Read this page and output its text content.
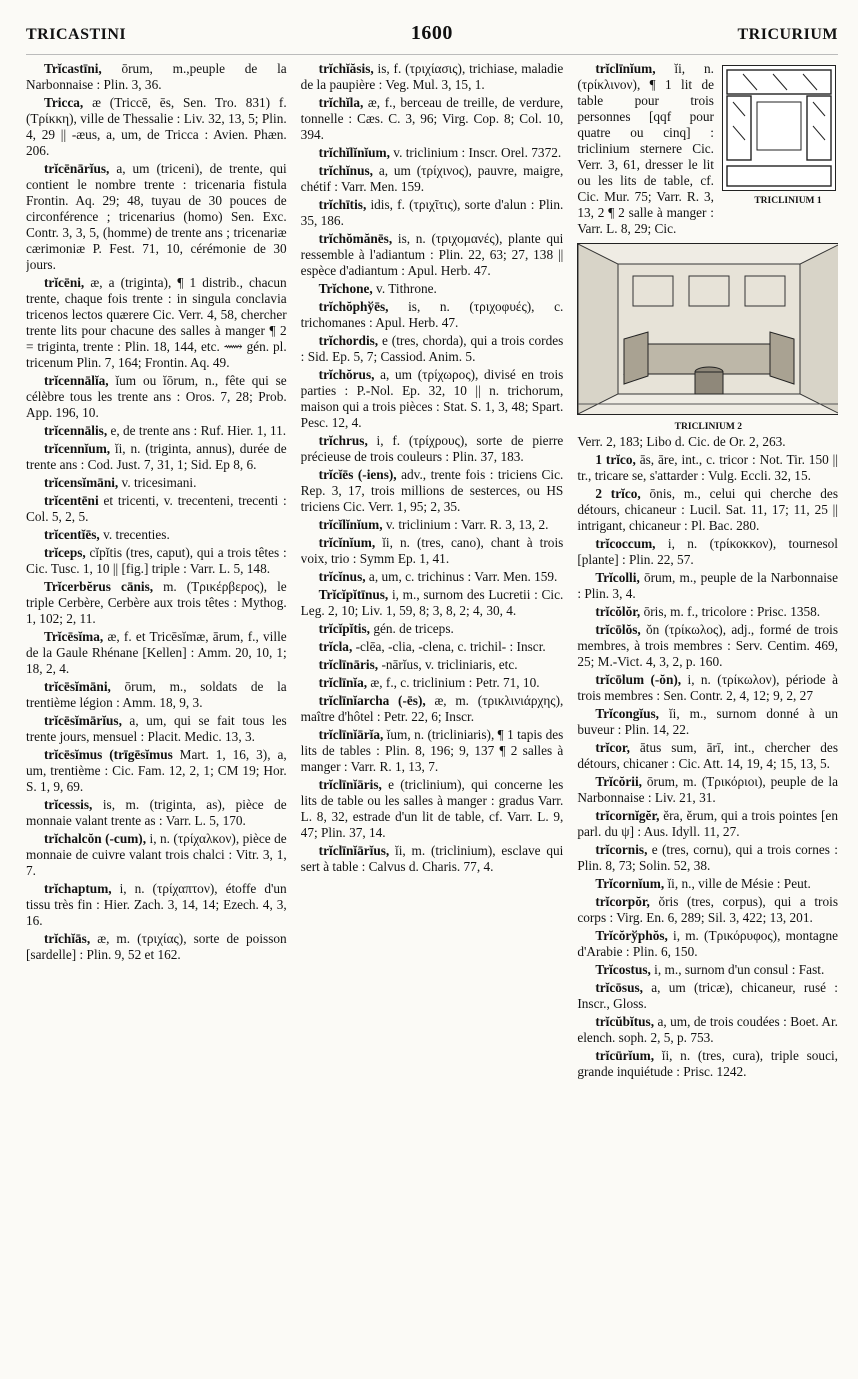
TRICASTINI	1600	TRICURIUM

Trĭcastīni, ōrum, m.,peuple de la Narbonnaise : Plin. 3, 36.

Tricca, æ (Triccē, ēs, Sen. Tro. 831) f. (Τρίκκη), ville de Thessalie : Liv. 32, 13, 5; Plin. 4, 29 || -æus, a, um, de Tricca : Avien. Phæn. 206.

trĭcēnārĭus, a, um (triceni), de trente, qui contient le nombre trente : tricenaria fistula Frontin. Aq. 29; 48, tuyau de 30 pouces de circonférence ; tricenarius (homo) Sen. Exc. Contr. 3, 3, 5, (homme) de trente ans ; tricenariæ cærimoniæ P. Fest. 71, 10, cérémonie de 30 jours.

trĭcēni, æ, a (triginta), ¶ 1 distrib., chacun trente, chaque fois trente : in singula conclavia tricenos lectos quærere Cic. Verr. 4, 58, chercher trente lits pour chacune des salles à manger ¶ 2 = triginta, trente : Plin. 18, 144, etc. ⟿ gén. pl. tricenum Plin. 7, 164; Frontin. Aq. 49.

trĭcennālĭa, ĭum ou ĭōrum, n., fête qui se célèbre tous les trente ans : Oros. 7, 28; Prob. App. 196, 10.

trĭcennālis, e, de trente ans : Ruf. Hier. 1, 11.

trĭcennĭum, ĭi, n. (triginta, annus), durée de trente ans : Cod. Just. 7, 31, 1; Sid. Ep 8, 6.

trĭcensĭmāni, v. tricesimani.

trĭcentēni et tricenti, v. trecenteni, trecenti : Col. 5, 2, 5.

trĭcentĭēs, v. trecenties.

trĭceps, cĭpĭtis (tres, caput), qui a trois têtes : Cic. Tusc. 1, 10 || [fig.] triple : Varr. L. 5, 148.

Trĭcerbĕrus cānis, m. (Τρικέρβερος), le triple Cerbère, Cerbère aux trois têtes : Mythog. 1, 102; 2, 11.

Trĭcēsĭma, æ, f. et Tricēsĭmæ, ārum, f., ville de la Gaule Rhénane [Kellen] : Amm. 20, 10, 1; 18, 2, 4.

trĭcēsĭmāni, ōrum, m., soldats de la trentième légion : Amm. 18, 9, 3.

trĭcēsĭmārĭus, a, um, qui se fait tous les trente jours, mensuel : Placit. Medic. 13, 3.

trĭcēsĭmus (trīgēsĭmus Mart. 1, 16, 3), a, um, trentième : Cic. Fam. 12, 2, 1; CM 19; Hor. S. 1, 9, 69.

trĭcessis, is, m. (triginta, as), pièce de monnaie valant trente as : Varr. L. 5, 170.

trĭchalcŏn (-cum), i, n. (τρίχαλκον), pièce de monnaie de cuivre valant trois chalci : Vitr. 3, 1, 7.

trĭchaptum, i, n. (τρίχαπτον), étoffe d'un tissu très fin : Hier. Zach. 3, 14, 14; Ezech. 4, 3, 16.

trĭchĭās, æ, m. (τριχίας), sorte de poisson [sardelle] : Plin. 9, 52 et 162.

trĭchĭăsis, is, f. (τριχίασις), trichiase, maladie de la paupière : Veg. Mul. 3, 15, 1.

trĭchĭla, æ, f., berceau de treille, de verdure, tonnelle : Cæs. C. 3, 96; Virg. Cop. 8; Col. 10, 394.

trĭchĭlĭnĭum, v. triclinium : Inscr. Orel. 7372.

trĭchĭnus, a, um (τρίχινος), pauvre, maigre, chétif : Varr. Men. 159.

trĭchītis, idis, f. (τριχῖτις), sorte d'alun : Plin. 35, 186.

trĭchŏmănēs, is, n. (τριχομανές), plante qui ressemble à l'adiantum : Plin. 22, 63; 27, 138 || espèce d'adiantum : Apul. Herb. 47.

Trĭchone, v. Tithrone.

trĭchŏphўēs, is, n. (τριχοφυές), c. trichomanes : Apul. Herb. 47.

trĭchordis, e (tres, chorda), qui a trois cordes : Sid. Ep. 5, 7; Cassiod. Anim. 5.

trĭchŏrus, a, um (τρίχωρος), divisé en trois parties : P.-Nol. Ep. 32, 10 || n. trichorum, maison qui a trois pièces : Stat. S. 1, 3, 48; Spart. Pesc. 12, 4.

trĭchrus, i, f. (τρίχρους), sorte de pierre précieuse de trois couleurs : Plin. 37, 183.

trĭcĭēs (-iens), adv., trente fois : triciens Cic. Rep. 3, 17, trois millions de sesterces, ou HS triciens Cic. Verr. 1, 95; 2, 35.

trĭcĭlĭnĭum, v. triclinium : Varr. R. 3, 13, 2.

trĭcĭnĭum, ĭi, n. (tres, cano), chant à trois voix, trio : Symm Ep. 1, 41.

trĭcĭnus, a, um, c. trichinus : Varr. Men. 159.

Trĭcĭpĭtīnus, i, m., surnom des Lucretii : Cic. Leg. 2, 10; Liv. 1, 59, 8; 3, 8, 2; 4, 30, 4.

trĭcĭpĭtis, gén. de triceps.

trĭcla, -clēa, -clia, -clena, c. trichil- : Inscr.

trĭclīnāris, -nārĭus, v. tricliniaris, etc.

trĭclīnĭa, æ, f., c. triclinium : Petr. 71, 10.

trĭclīnĭarcha (-ēs), æ, m. (τρικλινιάρχης), maître d'hôtel : Petr. 22, 6; Inscr.

trĭclīnĭārĭa, ĭum, n. (tricliniaris), ¶ 1 tapis des lits de tables : Plin. 8, 196; 9, 137 ¶ 2 salles à manger : Varr. R. 1, 13, 7.

trĭclīnĭāris, e (triclinium), qui concerne les lits de table ou les salles à manger : gradus Varr. L. 8, 32, estrade d'un lit de table, cf. Varr. L. 9, 47; Plin. 37, 14.

trĭclīnĭārĭus, ĭi, m. (triclinium), esclave qui sert à table : Calvus d. Charis. 77, 4.

TRICLINIUM 1
trĭclīnĭum, ĭi, n. (τρίκλινον), ¶ 1 lit de table pour trois personnes [qqf pour quatre ou cinq] : triclinium sternere Cic. Verr. 3, 61, dresser le lit ou les lits de table, cf. Cic. Mur. 75; Varr. R. 3, 13, 2 ¶ 2 salle à manger : Varr. L. 8, 29; Cic.

TRICLINIUM 2

Verr. 2, 183; Libo d. Cic. de Or. 2, 263.

1 trĭco, ās, āre, int., c. tricor : Not. Tir. 150 || tr., tricare se, s'attarder : Vulg. Eccli. 32, 15.

2 trĭco, ōnis, m., celui qui cherche des détours, chicaneur : Lucil. Sat. 11, 17; 11, 25 || intrigant, chicaneur : Pl. Bac. 280.

trĭcoccum, i, n. (τρίκοκκον), tournesol [plante] : Plin. 22, 57.

Trĭcolli, ōrum, m., peuple de la Narbonnaise : Plin. 3, 4.

trĭcŏlŏr, ōris, m. f., tricolore : Prisc. 1358.

trĭcōlŏs, ŏn (τρίκωλος), adj., formé de trois membres, à trois membres : Serv. Centim. 469, 25; M.-Vict. 4, 3, 2, p. 160.

trĭcōlum (-ŏn), i, n. (τρίκωλον), période à trois membres : Sen. Contr. 2, 4, 12; 9, 2, 27

Trĭcongĭus, ĭi, m., surnom donné à un buveur : Plin. 14, 22.

trĭcor, ātus sum, ārī, int., chercher des détours, chicaner : Cic. Att. 14, 19, 4; 15, 13, 5.

Trĭcŏrii, ōrum, m. (Τρικόριοι), peuple de la Narbonnaise : Liv. 21, 31.

trĭcornĭgĕr, ĕra, ĕrum, qui a trois pointes [en parl. du ψ] : Aus. Idyll. 11, 27.

trĭcornis, e (tres, cornu), qui a trois cornes : Plin. 8, 73; Solin. 52, 38.

Trĭcornĭum, ĭi, n., ville de Mésie : Peut.

trĭcorpŏr, ŏris (tres, corpus), qui a trois corps : Virg. En. 6, 289; Sil. 3, 422; 13, 201.

Trĭcŏrўphŏs, i, m. (Τρικόρυφος), montagne d'Arabie : Plin. 6, 150.

Trĭcostus, i, m., surnom d'un consul : Fast.

trĭcōsus, a, um (tricæ), chicaneur, rusé : Inscr., Gloss.

trĭcŭbĭtus, a, um, de trois coudées : Boet. Ar. elench. soph. 2, 5, p. 753.

trĭcūrĭum, ĭi, n. (tres, cura), triple souci, grande inquiétude : Prisc. 1242.
